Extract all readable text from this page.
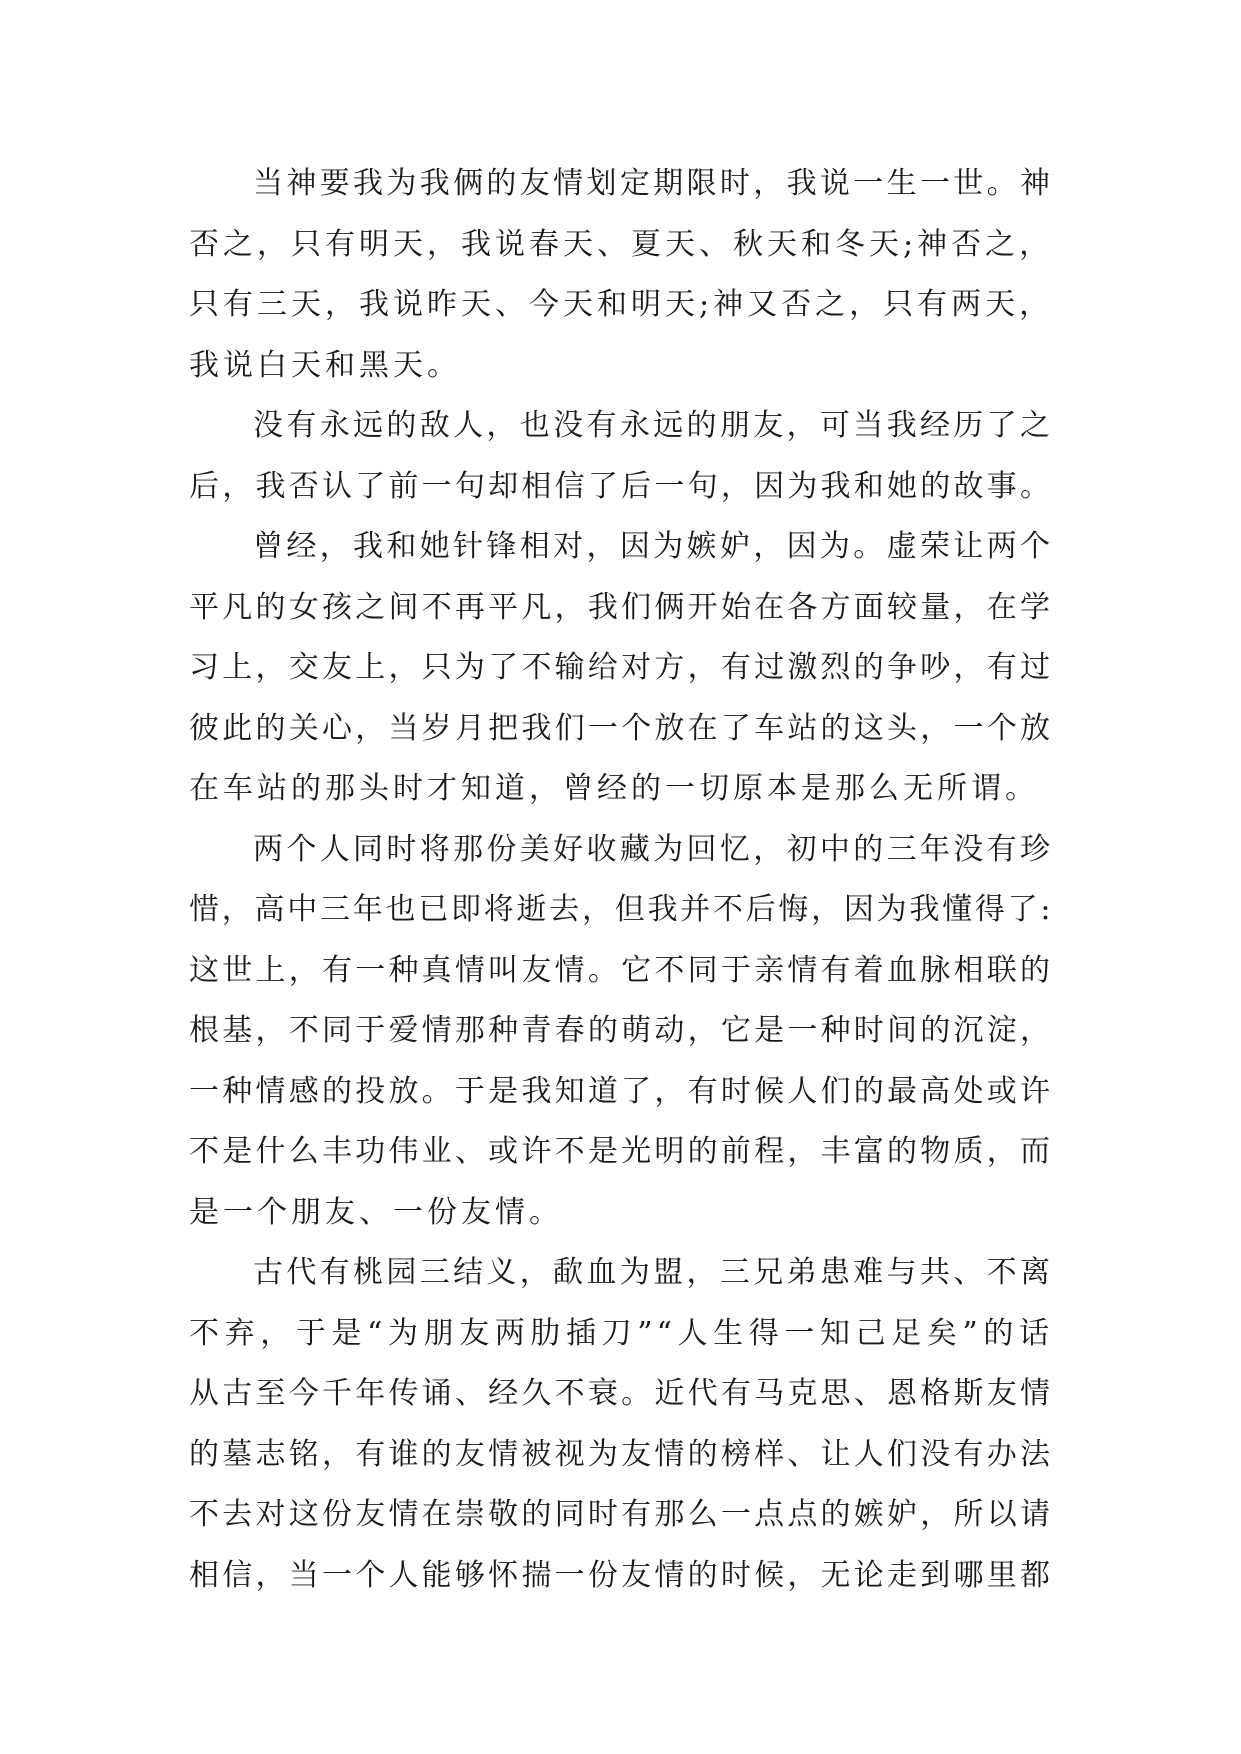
当神要我为我俩的友情划定期限时，我说一生一世。神
否之，只有明天，我说春天、夏天、秋天和冬天;神否之，
只有三天，我说昨天、今天和明天;神又否之，只有两天，
我说白天和黑天。
没有永远的敌人，也没有永远的朋友，可当我经历了之
后，我否认了前一句却相信了后一句，因为我和她的故事。
曾经，我和她针锋相对，因为嫉妒，因为。虚荣让两个
平凡的女孩之间不再平凡，我们俩开始在各方面较量，在学
习上，交友上，只为了不输给对方，有过激烈的争吵，有过
彼此的关心，当岁月把我们一个放在了车站的这头，一个放
在车站的那头时才知道，曾经的一切原本是那么无所谓。
两个人同时将那份美好收藏为回忆，初中的三年没有珍
惜，高中三年也已即将逝去，但我并不后悔，因为我懂得了:
这世上，有一种真情叫友情。它不同于亲情有着血脉相联的
根基，不同于爱情那种青春的萌动，它是一种时间的沉淀，
一种情感的投放。于是我知道了，有时候人们的最高处或许
不是什么丰功伟业、或许不是光明的前程，丰富的物质，而
是一个朋友、一份友情。
古代有桃园三结义，歃血为盟，三兄弟患难与共、不离
不弃，于是“为朋友两肋插刀”“人生得一知己足矣”的话
从古至今千年传诵、经久不衰。近代有马克思、恩格斯友情
的墓志铭，有谁的友情被视为友情的榜样、让人们没有办法
不去对这份友情在崇敬的同时有那么一点点的嫉妒，所以请
相信，当一个人能够怀揣一份友情的时候，无论走到哪里都
